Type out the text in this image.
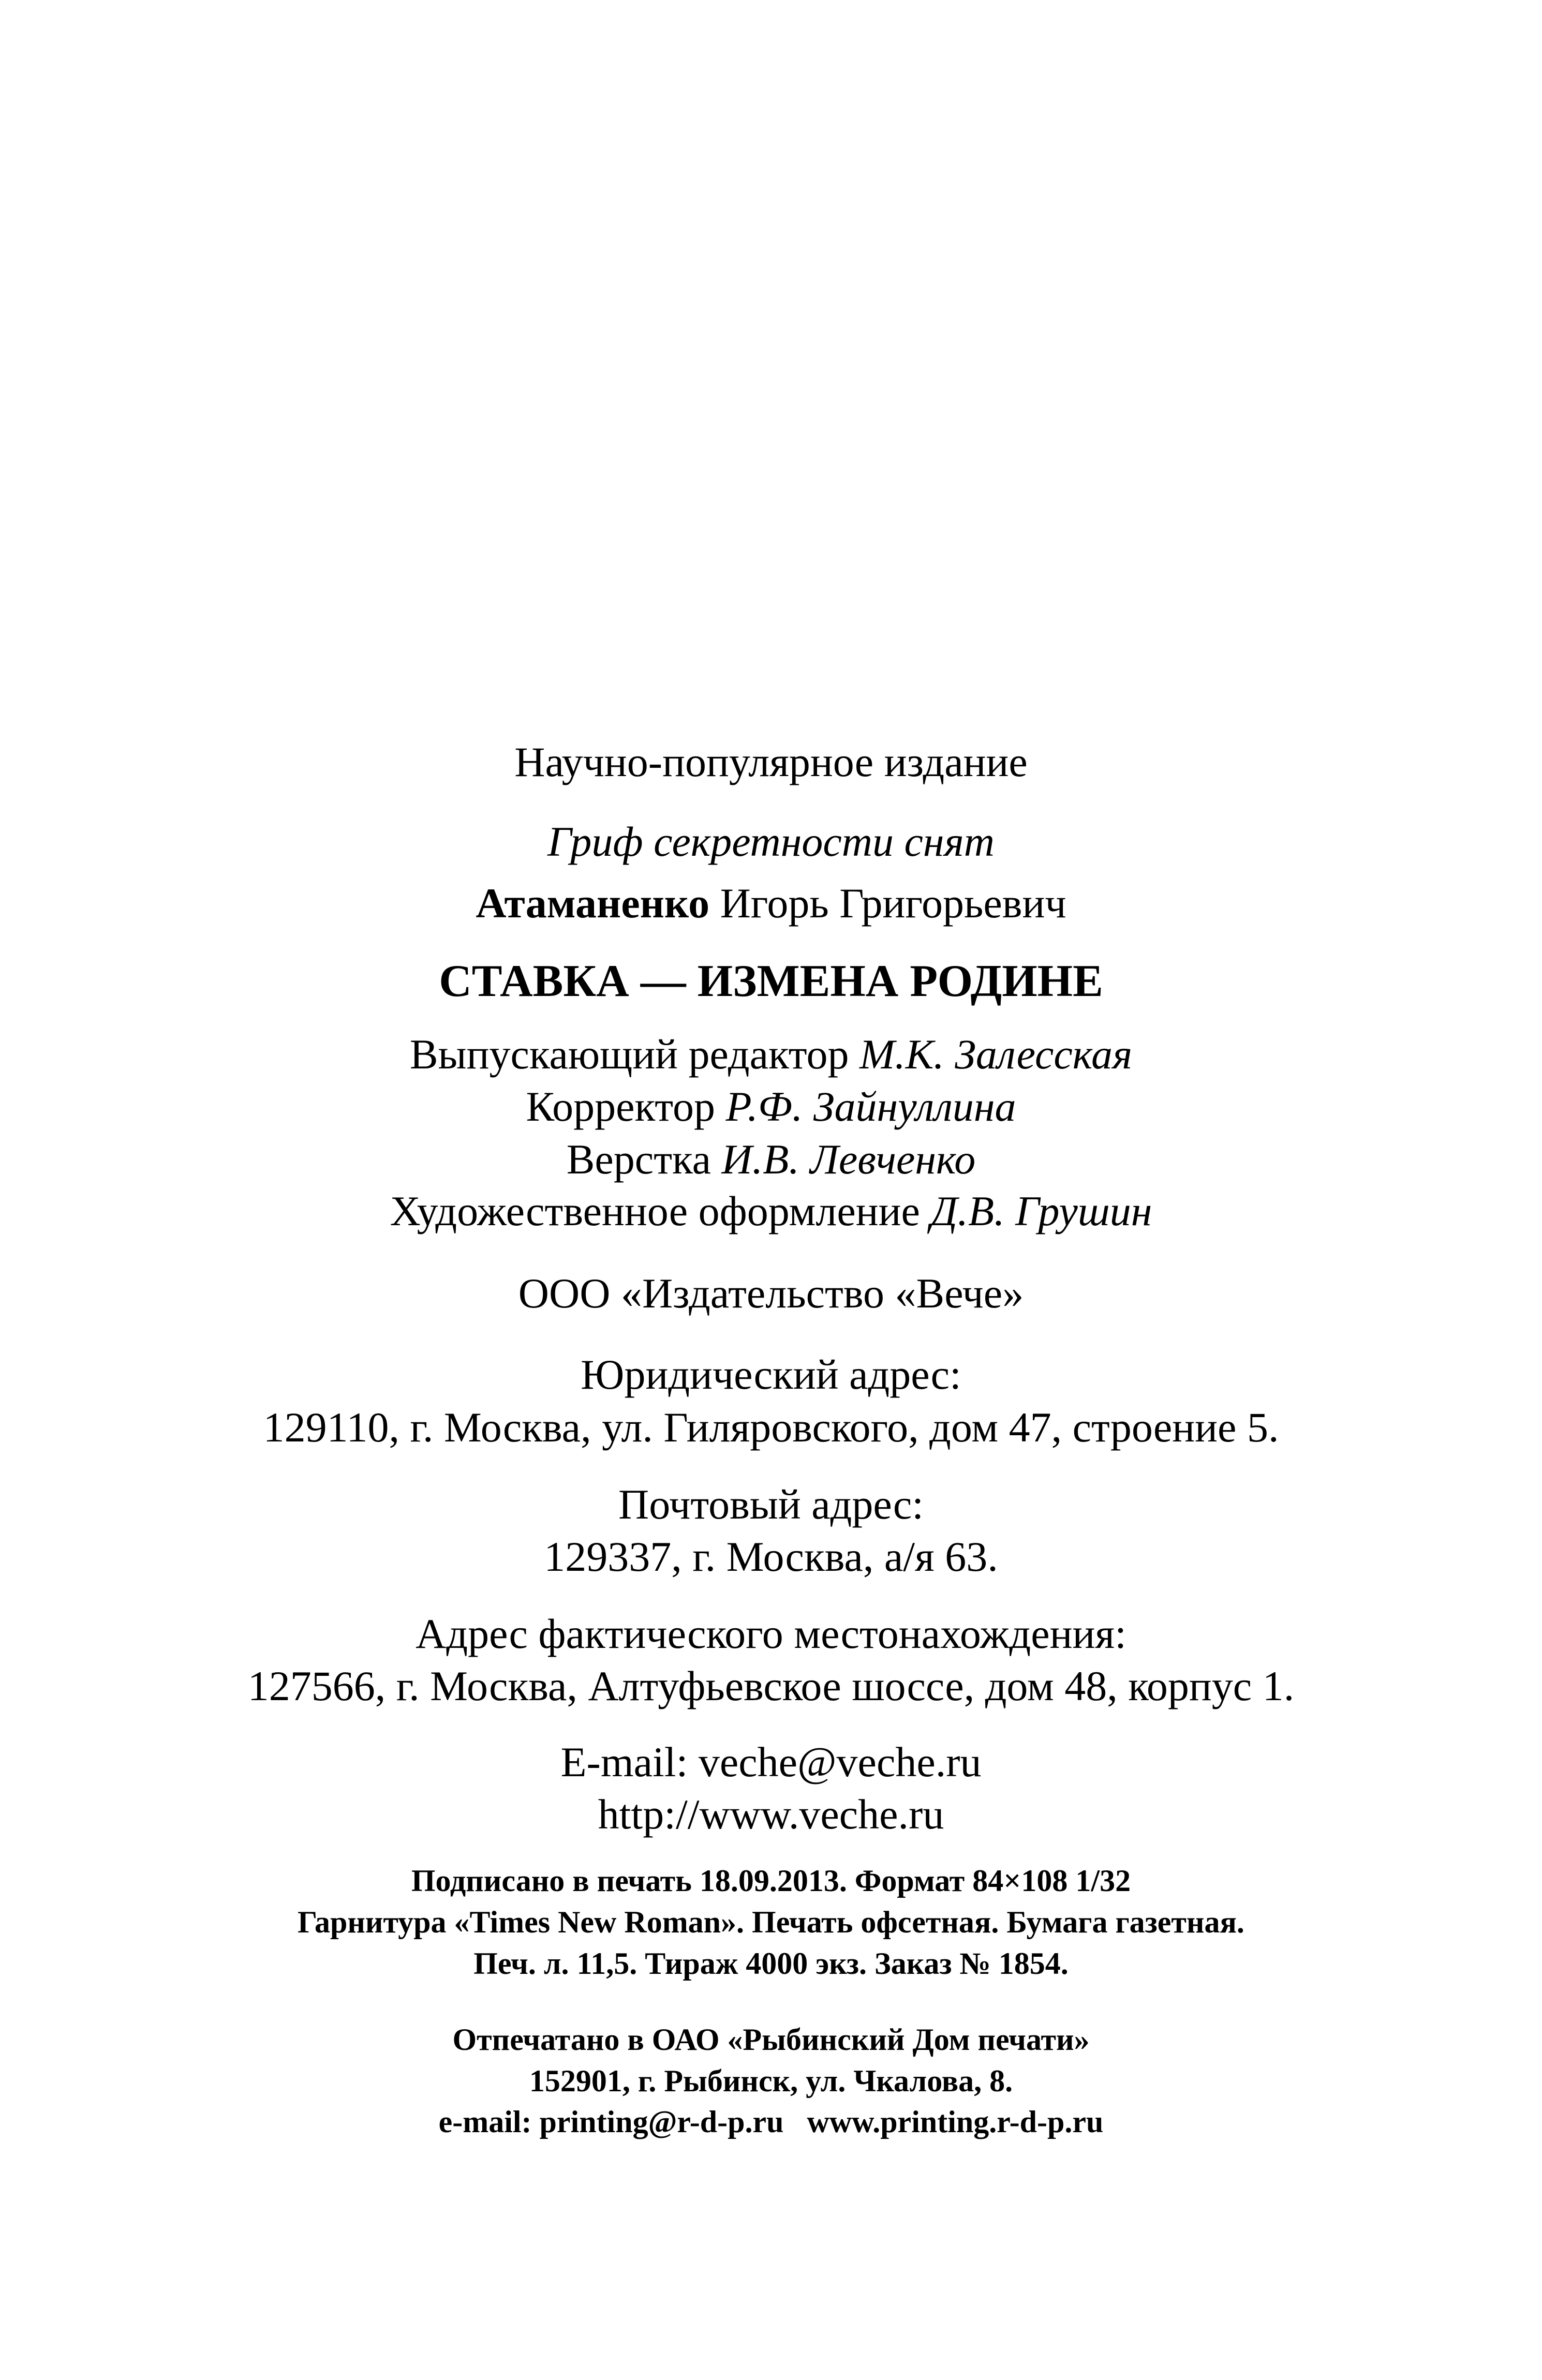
Научно-популярное издание
Гриф секретности снят
Атаманенко Игорь Григорьевич
СТАВКА — ИЗМЕНА РОДИНЕ
Выпускающий редактор М.К. Залесская
Корректор Р.Ф. Зайнуллина
Верстка И.В. Левченко
Художественное оформление Д.В. Грушин
ООО «Издательство «Вече»
Юридический адрес:
129110, г. Москва, ул. Гиляровского, дом 47, строение 5.
Почтовый адрес:
129337, г. Москва, а/я 63.
Адрес фактического местонахождения:
127566, г. Москва, Алтуфьевское шоссе, дом 48, корпус 1.
E-mail: veche@veche.ru
http://www.veche.ru
Подписано в печать 18.09.2013. Формат 84×108 1/32
Гарнитура «Times New Roman». Печать офсетная. Бумага газетная.
Печ. л. 11,5. Тираж 4000 экз. Заказ № 1854.
Отпечатано в ОАО «Рыбинский Дом печати»
152901, г. Рыбинск, ул. Чкалова, 8.
e-mail: printing@r-d-p.ru   www.printing.r-d-p.ru
